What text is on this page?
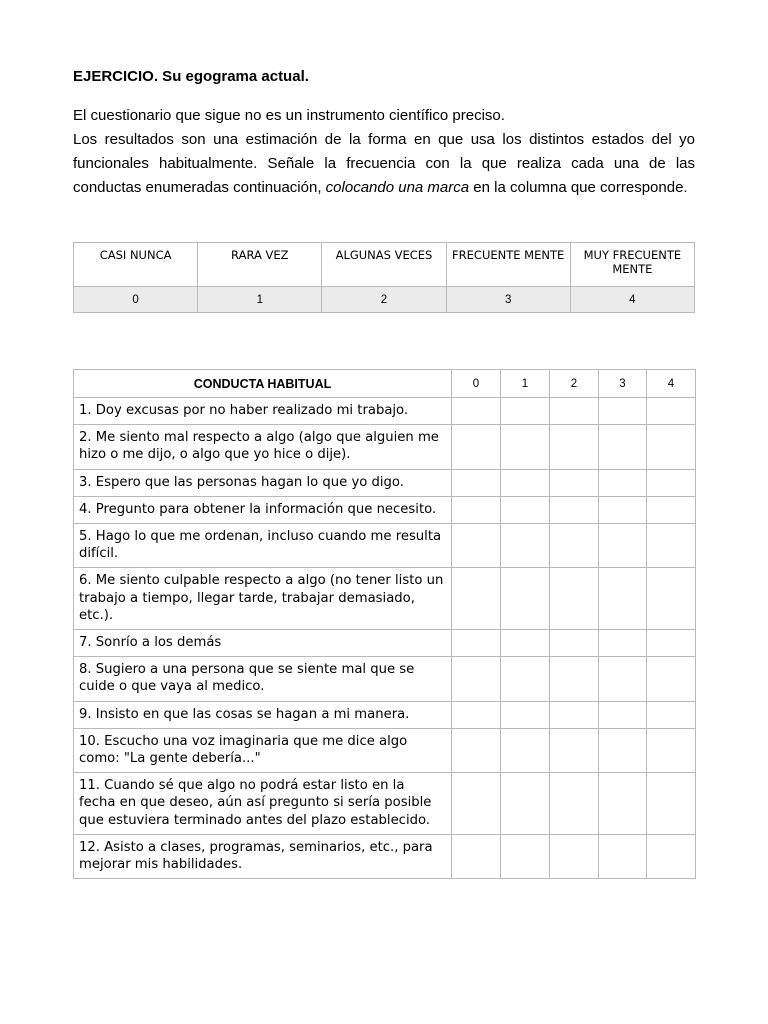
EJERCICIO. Su egograma actual.

El cuestionario que sigue no es un instrumento científico preciso.

Los resultados son una estimación de la forma en que usa los distintos estados del yo funcionales habitualmente. Señale la frecuencia con la que realiza cada una de las conductas enumeradas continuación, colocando una marca en la columna que corresponde.

CASI NUNCA	RARA VEZ	ALGUNAS VECES	FRECUENTE MENTE	MUY FRECUENTE MENTE
0	1	2	3	4
CONDUCTA HABITUAL	0	1	2	3	4
1. Doy excusas por no haber realizado mi trabajo.					
2. Me siento mal respecto a algo (algo que alguien me hizo o me dijo, o algo que yo hice o dije).					
3. Espero que las personas hagan lo que yo digo.					
4. Pregunto para obtener la información que necesito.					
5. Hago lo que me ordenan, incluso cuando me resulta difícil.					
6. Me siento culpable respecto a algo (no tener listo un trabajo a tiempo, llegar tarde, trabajar demasiado, etc.).					
7. Sonrío a los demás					
8. Sugiero a una persona que se siente mal que se cuide o que vaya al medico.					
9. Insisto en que las cosas se hagan a mi manera.					
10. Escucho una voz imaginaria que me dice algo como: "La gente debería..."					
11. Cuando sé que algo no podrá estar listo en la fecha en que deseo, aún así pregunto si sería posible que estuviera terminado antes del plazo establecido.					
12. Asisto a clases, programas, seminarios, etc., para mejorar mis habilidades.					
